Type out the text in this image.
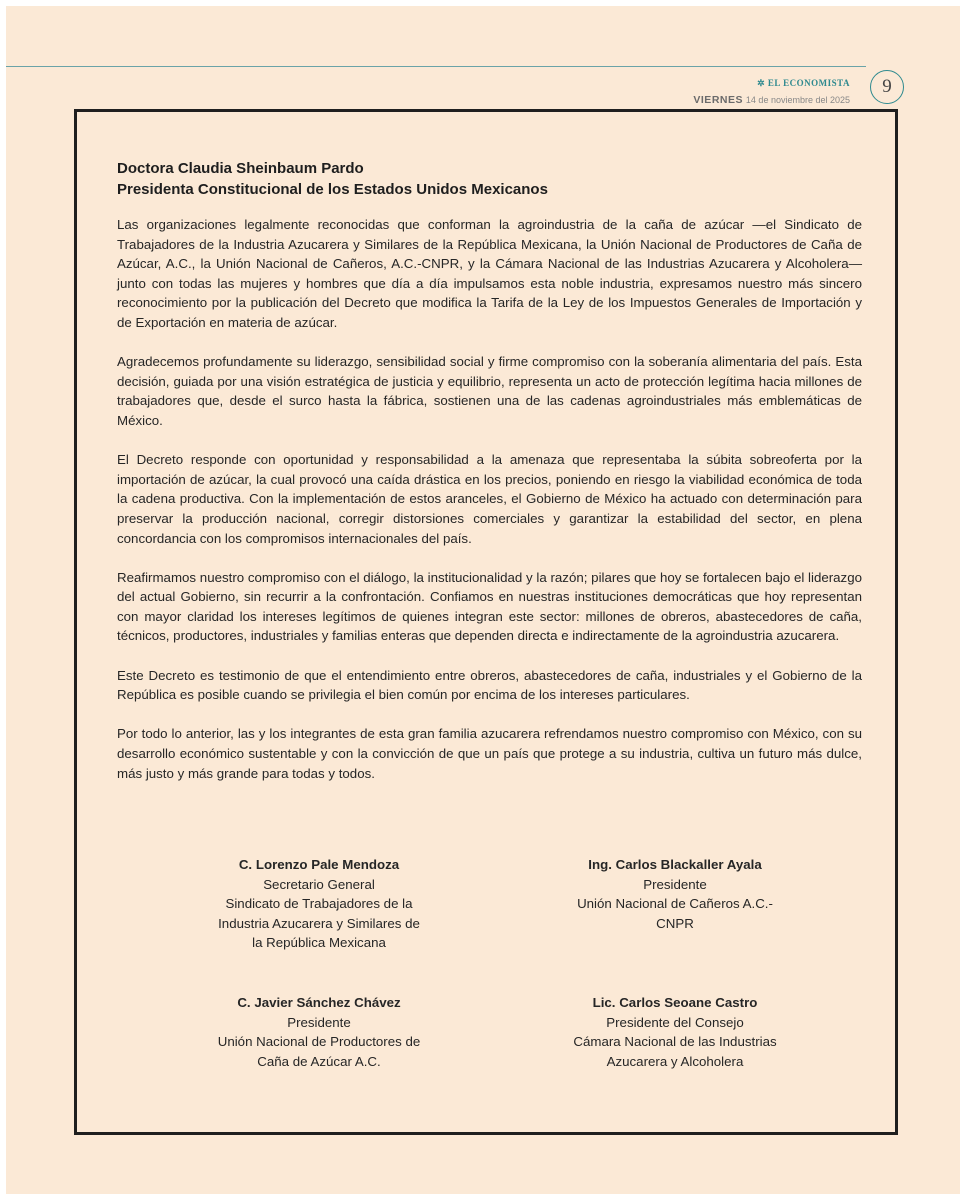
✲ EL ECONOMISTA
VIERNES 14 de noviembre del 2025
9
Doctora Claudia Sheinbaum Pardo
Presidenta Constitucional de los Estados Unidos Mexicanos

Las organizaciones legalmente reconocidas que conforman la agroindustria de la caña de azúcar —el Sindicato de Trabajadores de la Industria Azucarera y Similares de la República Mexicana, la Unión Nacional de Productores de Caña de Azúcar, A.C., la Unión Nacional de Cañeros, A.C.-CNPR, y la Cámara Nacional de las Industrias Azucarera y Alcoholera— junto con todas las mujeres y hombres que día a día impulsamos esta noble industria, expresamos nuestro más sincero reconocimiento por la publicación del Decreto que modifica la Tarifa de la Ley de los Impuestos Generales de Importación y de Exportación en materia de azúcar.

Agradecemos profundamente su liderazgo, sensibilidad social y firme compromiso con la soberanía alimentaria del país. Esta decisión, guiada por una visión estratégica de justicia y equilibrio, representa un acto de protección legítima hacia millones de trabajadores que, desde el surco hasta la fábrica, sostienen una de las cadenas agroindustriales más emblemáticas de México.

El Decreto responde con oportunidad y responsabilidad a la amenaza que representaba la súbita sobreoferta por la importación de azúcar, la cual provocó una caída drástica en los precios, poniendo en riesgo la viabilidad económica de toda la cadena productiva. Con la implementación de estos aranceles, el Gobierno de México ha actuado con determinación para preservar la producción nacional, corregir distorsiones comerciales y garantizar la estabilidad del sector, en plena concordancia con los compromisos internacionales del país.

Reafirmamos nuestro compromiso con el diálogo, la institucionalidad y la razón; pilares que hoy se fortalecen bajo el liderazgo del actual Gobierno, sin recurrir a la confrontación. Confiamos en nuestras instituciones democráticas que hoy representan con mayor claridad los intereses legítimos de quienes integran este sector: millones de obreros, abastecedores de caña, técnicos, productores, industriales y familias enteras que dependen directa e indirectamente de la agroindustria azucarera.

Este Decreto es testimonio de que el entendimiento entre obreros, abastecedores de caña, industriales y el Gobierno de la República es posible cuando se privilegia el bien común por encima de los intereses particulares.

Por todo lo anterior, las y los integrantes de esta gran familia azucarera refrendamos nuestro compromiso con México, con su desarrollo económico sustentable y con la convicción de que un país que protege a su industria, cultiva un futuro más dulce, más justo y más grande para todas y todos.

C. Lorenzo Pale Mendoza
Secretario General
Sindicato de Trabajadores de la
Industria Azucarera y Similares de
la República Mexicana
Ing. Carlos Blackaller Ayala
Presidente
Unión Nacional de Cañeros A.C.-
CNPR
C. Javier Sánchez Chávez
Presidente
Unión Nacional de Productores de
Caña de Azúcar A.C.
Lic. Carlos Seoane Castro
Presidente del Consejo
Cámara Nacional de las Industrias
Azucarera y Alcoholera
